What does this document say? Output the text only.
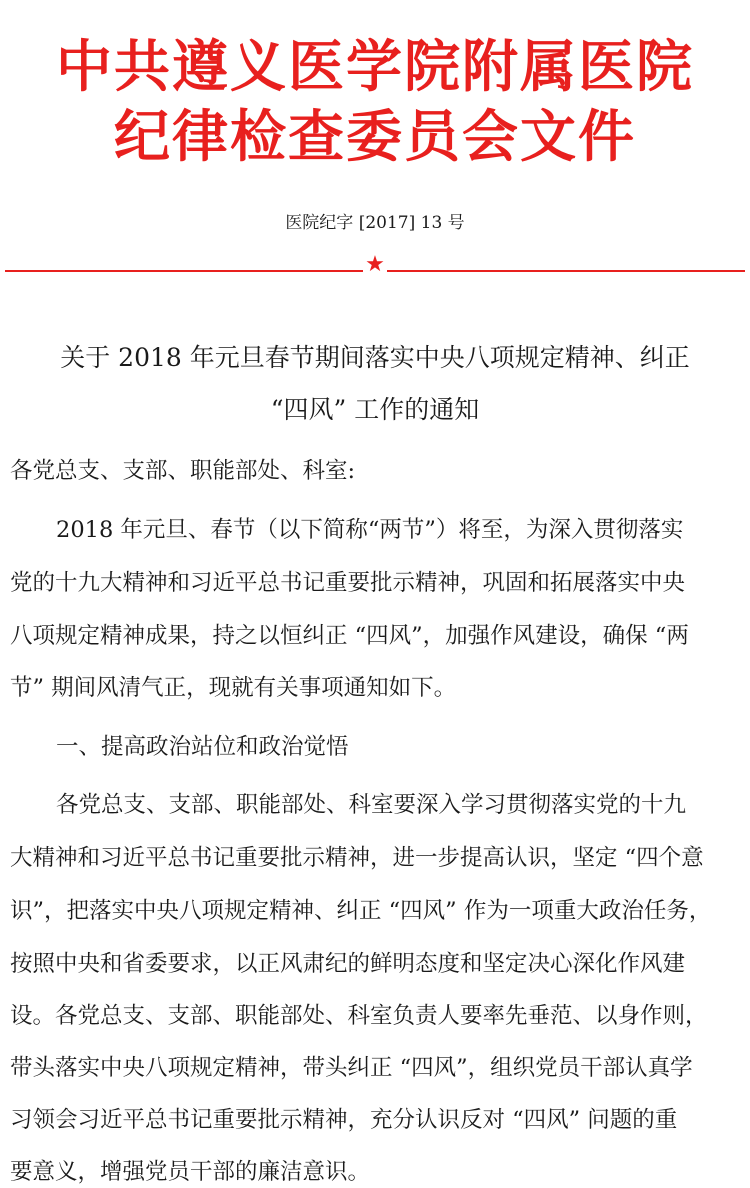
中共遵义医学院附属医院
纪律检查委员会文件
医院纪字 [2017] 13 号
★
关于 2018 年元旦春节期间落实中央八项规定精神、纠正
“四风” 工作的通知
各党总支、支部、职能部处、科室:
2018 年元旦、春节（以下简称“两节”）将至，为深入贯彻落实
党的十九大精神和习近平总书记重要批示精神，巩固和拓展落实中央
八项规定精神成果，持之以恒纠正 “四风”，加强作风建设，确保 “两
节” 期间风清气正，现就有关事项通知如下。
一、提高政治站位和政治觉悟
各党总支、支部、职能部处、科室要深入学习贯彻落实党的十九
大精神和习近平总书记重要批示精神，进一步提高认识，坚定 “四个意
识”，把落实中央八项规定精神、纠正 “四风” 作为一项重大政治任务，
按照中央和省委要求，以正风肃纪的鲜明态度和坚定决心深化作风建
设。各党总支、支部、职能部处、科室负责人要率先垂范、以身作则，
带头落实中央八项规定精神，带头纠正 “四风”，组织党员干部认真学
习领会习近平总书记重要批示精神，充分认识反对 “四风” 问题的重
要意义，增强党员干部的廉洁意识。
